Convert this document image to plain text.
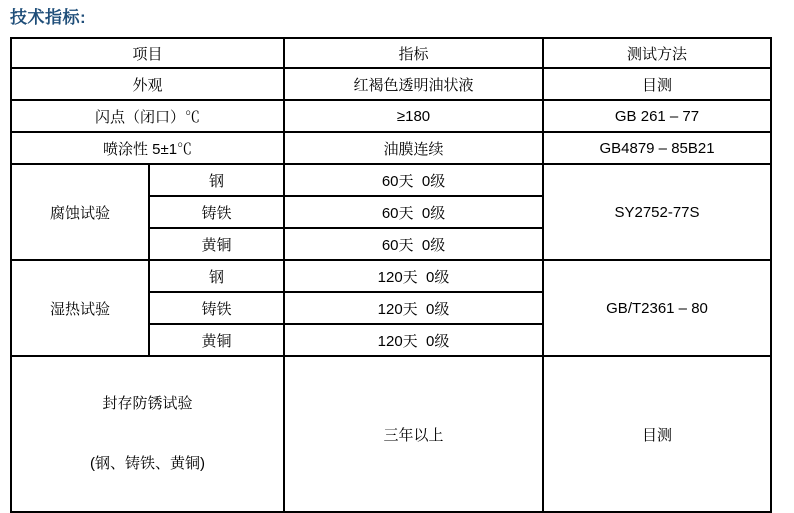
技术指标:
项目		指标	测试方法
外观		红褐色透明油状液	目测
闪点（闭口）℃		≥180	GB 261 – 77
喷涂性 5±1℃		油膜连续	GB4879 – 85B21
腐蚀试验	钢	60天  0级	SY2752-77S
	铸铁	60天  0级	
	黄铜	60天  0级	
湿热试验	钢	120天  0级	GB/T2361 – 80
	铸铁	120天  0级	
	黄铜	120天  0级	

封存防锈试验

(钢、铸铁、黄铜)		三年以上	目测
